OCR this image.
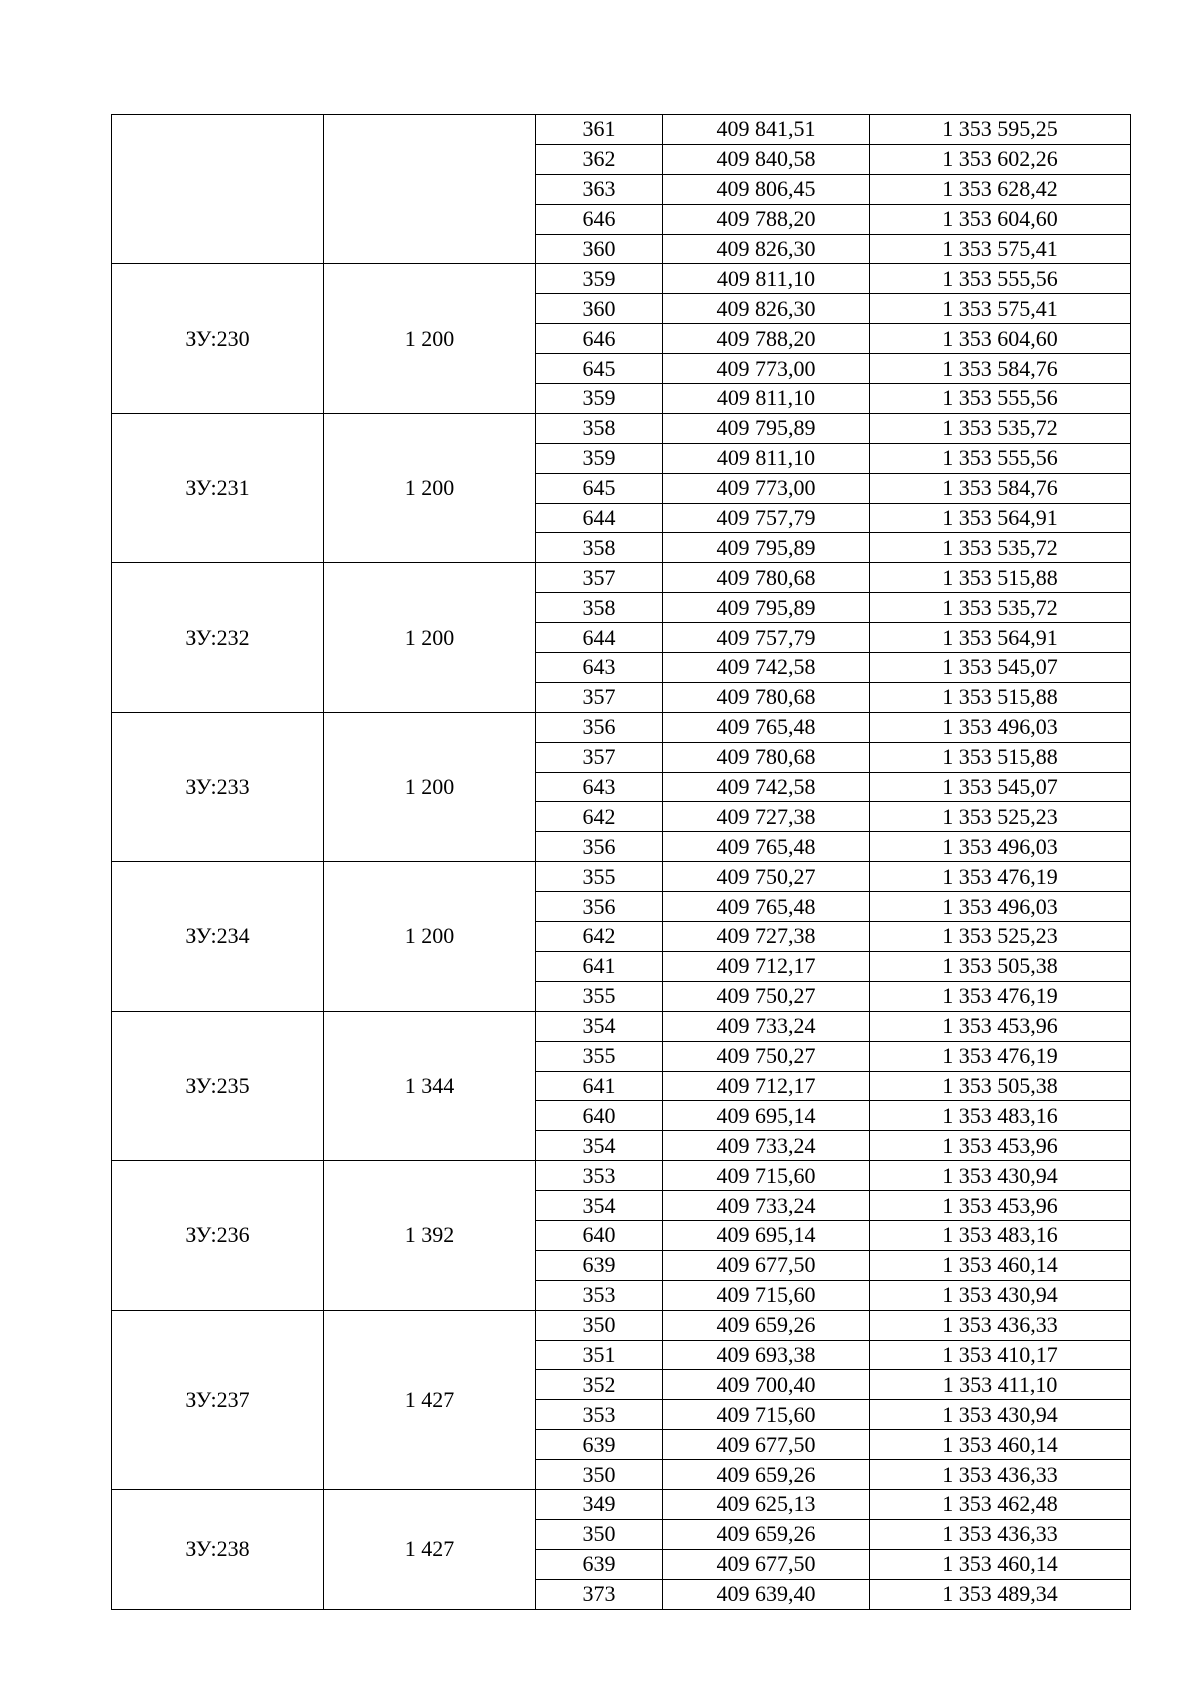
		361	409 841,51	1 353 595,25
		362	409 840,58	1 353 602,26
		363	409 806,45	1 353 628,42
		646	409 788,20	1 353 604,60
		360	409 826,30	1 353 575,41
ЗУ:230	1 200	359	409 811,10	1 353 555,56
		360	409 826,30	1 353 575,41
		646	409 788,20	1 353 604,60
		645	409 773,00	1 353 584,76
		359	409 811,10	1 353 555,56
ЗУ:231	1 200	358	409 795,89	1 353 535,72
		359	409 811,10	1 353 555,56
		645	409 773,00	1 353 584,76
		644	409 757,79	1 353 564,91
		358	409 795,89	1 353 535,72
ЗУ:232	1 200	357	409 780,68	1 353 515,88
		358	409 795,89	1 353 535,72
		644	409 757,79	1 353 564,91
		643	409 742,58	1 353 545,07
		357	409 780,68	1 353 515,88
ЗУ:233	1 200	356	409 765,48	1 353 496,03
		357	409 780,68	1 353 515,88
		643	409 742,58	1 353 545,07
		642	409 727,38	1 353 525,23
		356	409 765,48	1 353 496,03
ЗУ:234	1 200	355	409 750,27	1 353 476,19
		356	409 765,48	1 353 496,03
		642	409 727,38	1 353 525,23
		641	409 712,17	1 353 505,38
		355	409 750,27	1 353 476,19
ЗУ:235	1 344	354	409 733,24	1 353 453,96
		355	409 750,27	1 353 476,19
		641	409 712,17	1 353 505,38
		640	409 695,14	1 353 483,16
		354	409 733,24	1 353 453,96
ЗУ:236	1 392	353	409 715,60	1 353 430,94
		354	409 733,24	1 353 453,96
		640	409 695,14	1 353 483,16
		639	409 677,50	1 353 460,14
		353	409 715,60	1 353 430,94
ЗУ:237	1 427	350	409 659,26	1 353 436,33
		351	409 693,38	1 353 410,17
		352	409 700,40	1 353 411,10
		353	409 715,60	1 353 430,94
		639	409 677,50	1 353 460,14
		350	409 659,26	1 353 436,33
ЗУ:238	1 427	349	409 625,13	1 353 462,48
		350	409 659,26	1 353 436,33
		639	409 677,50	1 353 460,14
		373	409 639,40	1 353 489,34
